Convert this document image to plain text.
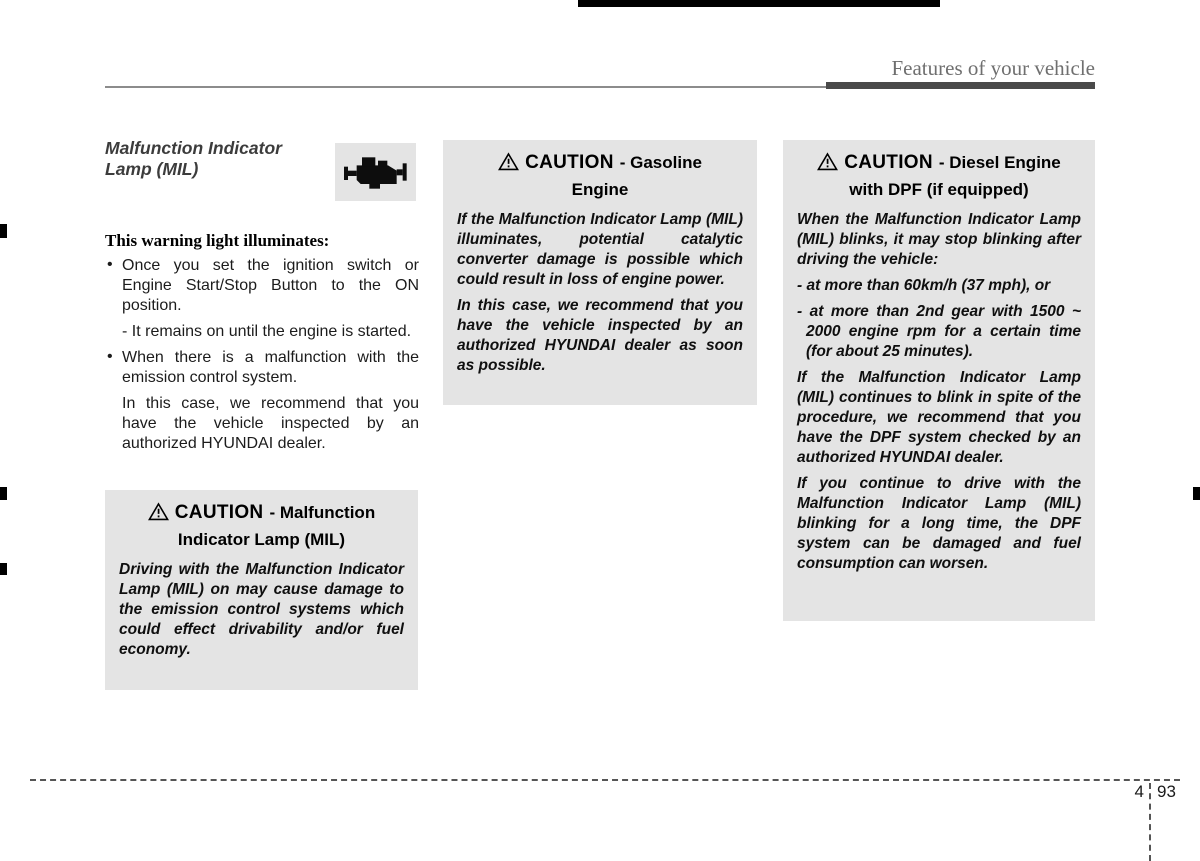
Features of your vehicle
Malfunction Indicator Lamp (MIL)
This warning light illuminates:
• Once you set the ignition switch or Engine Start/Stop Button to the ON position.
- It remains on until the engine is started.
• When there is a malfunction with the emission control system.
In this case, we recommend that you have the vehicle inspected by an authorized HYUNDAI dealer.
CAUTION - Malfunction
Indicator Lamp (MIL)

Driving with the Malfunction Indicator Lamp (MIL) on may cause damage to the emission control systems which could effect drivability and/or fuel economy.

CAUTION - Gasoline
Engine

If the Malfunction Indicator Lamp (MIL) illuminates, potential catalytic converter damage is possible which could result in loss of engine power.

In this case, we recommend that you have the vehicle inspected by an authorized HYUNDAI dealer as soon as possible.

CAUTION - Diesel Engine
with DPF (if equipped)

When the Malfunction Indicator Lamp (MIL) blinks, it may stop blinking after driving the vehicle:

- at more than 60km/h (37 mph), or

- at more than 2nd gear with 1500 ~ 2000 engine rpm for a certain time (for about 25 minutes).

If the Malfunction Indicator Lamp (MIL) continues to blink in spite of the procedure, we recommend that you have the DPF system checked by an authorized HYUNDAI dealer.

If you continue to drive with the Malfunction Indicator Lamp (MIL) blinking for a long time, the DPF system can be damaged and fuel consumption can worsen.

4 93
